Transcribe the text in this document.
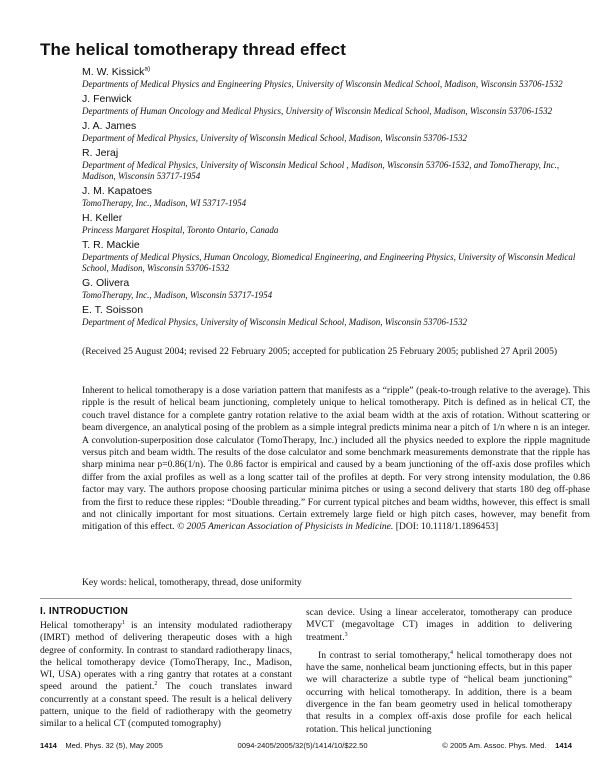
The helical tomotherapy thread effect
M. W. Kissick$^{a)}$
Departments of Medical Physics and Engineering Physics, University of Wisconsin Medical School, Madison, Wisconsin 53706-1532
J. Fenwick
Departments of Human Oncology and Medical Physics, University of Wisconsin Medical School, Madison, Wisconsin 53706-1532
J. A. James
Department of Medical Physics, University of Wisconsin Medical School, Madison, Wisconsin 53706-1532
R. Jeraj
Department of Medical Physics, University of Wisconsin Medical School , Madison, Wisconsin 53706-1532, and TomoTherapy, Inc., Madison, Wisconsin 53717-1954
J. M. Kapatoes
TomoTherapy, Inc., Madison, WI 53717-1954
H. Keller
Princess Margaret Hospital, Toronto Ontario, Canada
T. R. Mackie
Departments of Medical Physics, Human Oncology, Biomedical Engineering, and Engineering Physics, University of Wisconsin Medical School, Madison, Wisconsin 53706-1532
G. Olivera
TomoTherapy, Inc., Madison, Wisconsin 53717-1954
E. T. Soisson
Department of Medical Physics, University of Wisconsin Medical School, Madison, Wisconsin 53706-1532
(Received 25 August 2004; revised 22 February 2005; accepted for publication 25 February 2005; published 27 April 2005)
Inherent to helical tomotherapy is a dose variation pattern that manifests as a “ripple” (peak-to-trough relative to the average). This ripple is the result of helical beam junctioning, completely unique to helical tomotherapy. Pitch is defined as in helical CT, the couch travel distance for a complete gantry rotation relative to the axial beam width at the axis of rotation. Without scattering or beam divergence, an analytical posing of the problem as a simple integral predicts minima near a pitch of 1/n where n is an integer. A convolution-superposition dose calculator (TomoTherapy, Inc.) included all the physics needed to explore the ripple magnitude versus pitch and beam width. The results of the dose calculator and some benchmark measurements demonstrate that the ripple has sharp minima near p=0.86(1/n). The 0.86 factor is empirical and caused by a beam junctioning of the off-axis dose profiles which differ from the axial profiles as well as a long scatter tail of the profiles at depth. For very strong intensity modulation, the 0.86 factor may vary. The authors propose choosing particular minima pitches or using a second delivery that starts 180 deg off-phase from the first to reduce these ripples: “Double threading.” For current typical pitches and beam widths, however, this effect is small and not clinically important for most situations. Certain extremely large field or high pitch cases, however, may benefit from mitigation of this effect. © 2005 American Association of Physicists in Medicine. [DOI: 10.1118/1.1896453]
Key words: helical, tomotherapy, thread, dose uniformity
I. INTRODUCTION

Helical tomotherapy$^1$ is an intensity modulated radiotherapy (IMRT) method of delivering therapeutic doses with a high degree of conformity. In contrast to standard radiotherapy linacs, the helical tomotherapy device (TomoTherapy, Inc., Madison, WI, USA) operates with a ring gantry that rotates at a constant speed around the patient.$^2$ The couch translates inward concurrently at a constant speed. The result is a helical delivery pattern, unique to the field of radiotherapy with the geometry similar to a helical CT (computed tomography)

scan device. Using a linear accelerator, tomotherapy can produce MVCT (megavoltage CT) images in addition to delivering treatment.$^3$

In contrast to serial tomotherapy,$^4$ helical tomotherapy does not have the same, nonhelical beam junctioning effects, but in this paper we will characterize a subtle type of “helical beam junctioning” occurring with helical tomotherapy. In addition, there is a beam divergence in the fan beam geometry used in helical tomotherapy that results in a complex off-axis dose profile for each helical rotation. This helical junctioning

1414 Med. Phys. 32 (5), May 2005	0094-2405/2005/32(5)/1414/10/$22.50	© 2005 Am. Assoc. Phys. Med. 1414
